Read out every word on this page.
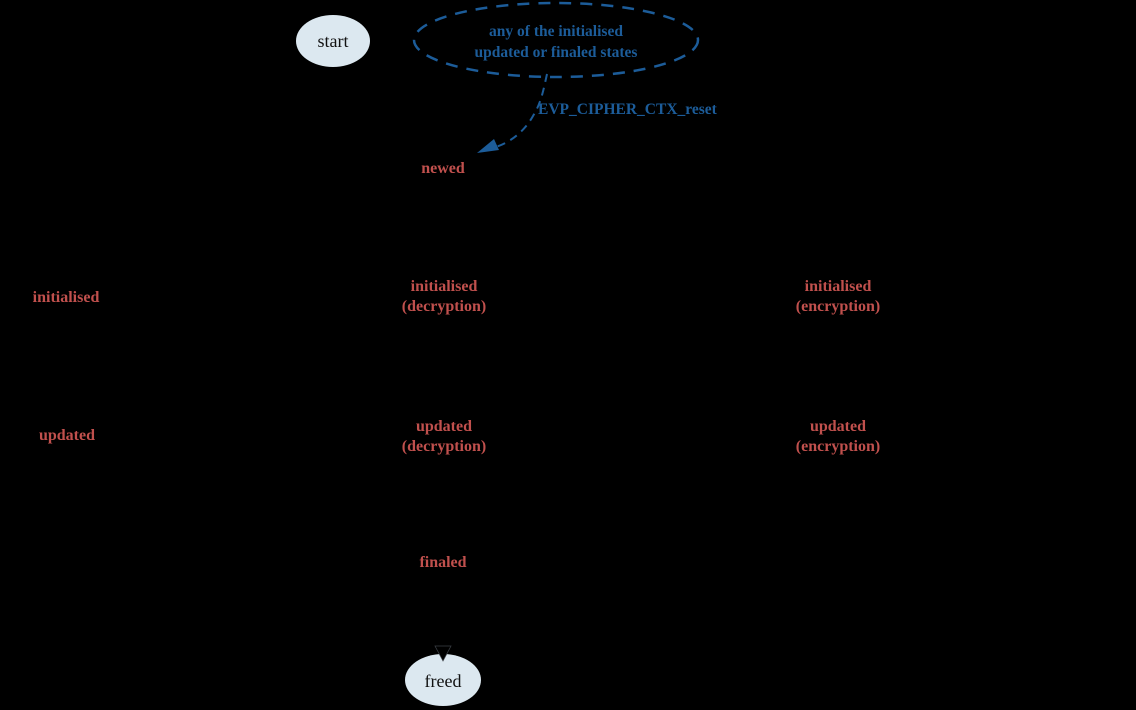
start	any of the initialised
updated or finaled states
EVP_CIPHER_CTX_reset
newed
initialised
initialised
(decryption)
initialised
(encryption)
updated
updated
(decryption)
updated
(encryption)
finaled
freed
